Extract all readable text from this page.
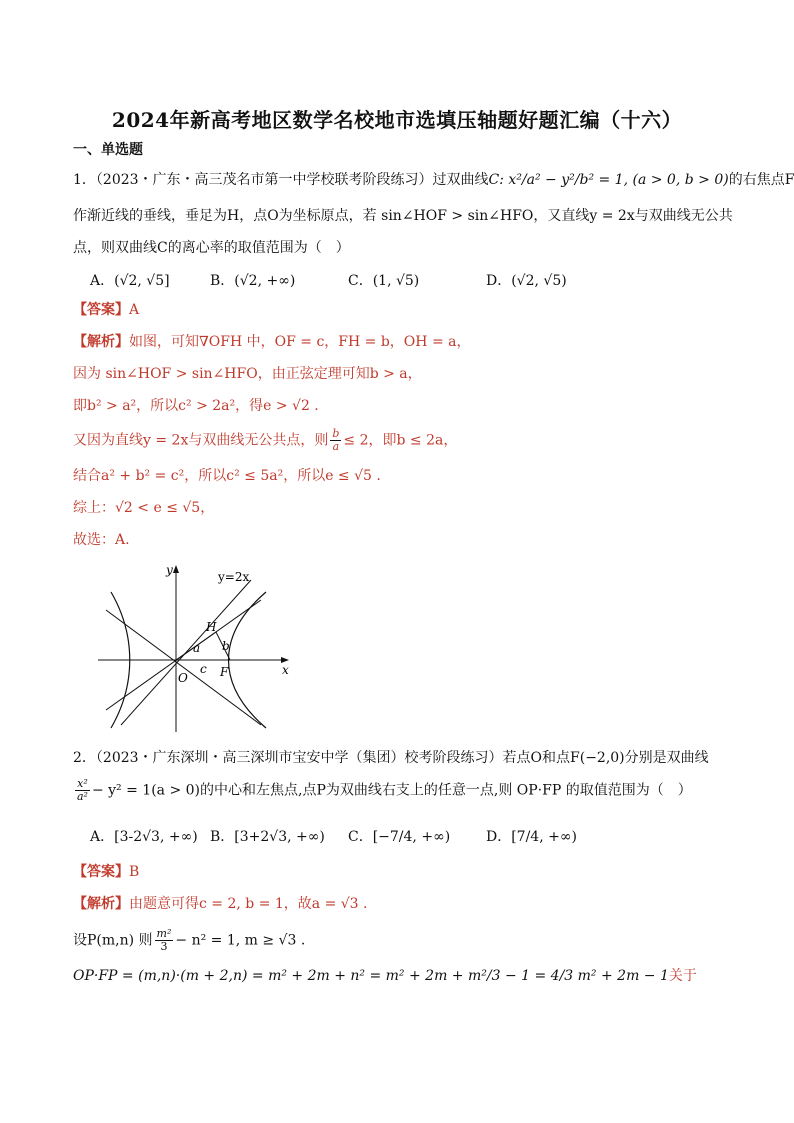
2024年新高考地区数学名校地市选填压轴题好题汇编（十六）
一、单选题
1．（2023・广东・高三茂名市第一中学校联考阶段练习）过双曲线C: x²/a² − y²/b² = 1, (a > 0, b > 0)的右焦点F
作渐近线的垂线，垂足为H，点O为坐标原点，若 sin∠HOF > sin∠HFO，又直线y = 2x与双曲线无公共
点，则双曲线C的离心率的取值范围为（　）
A．(√2, √5]	B．(√2, +∞)	C．(1, √5)	D．(√2, √5)
【答案】A
【解析】如图，可知∇OFH 中，OF = c，FH = b，OH = a，
因为 sin∠HOF > sin∠HFO，由正弦定理可知b > a，
即b² > a²，所以c² > 2a²，得e > √2 .
又因为直线y = 2x与双曲线无公共点，则 $\frac{b}{a} \le 2$，即b ≤ 2a，
结合a² + b² = c²，所以c² ≤ 5a²，所以e ≤ √5 .
综上：√2 < e ≤ √5，
故选：A.
y
x
y=2x
H
a b
c
O	F
2．（2023・广东深圳・高三深圳市宝安中学（集团）校考阶段练习）若点O和点F(−2,0)分别是双曲线
$\frac{\text{x²}}{\text{a²}} - y^2 = 1(a > 0)$的中心和左焦点,点P为双曲线右支上的任意一点,则 OP·FP 的取值范围为（　）
A．[3-2√3, +∞) B．[3+2√3, +∞) C．[−7/4, +∞)	D．[7/4, +∞)
【答案】B
【解析】由题意可得c = 2, b = 1，故a = √3 .
设P(m,n) 则 $\frac{\text{m²}}{3} - n^2 = 1$, m ≥ √3 .
OP·FP = (m,n)·(m + 2,n) = m² + 2m + n² = m² + 2m + m²/3 − 1 = 4/3 m² + 2m − 1关于
